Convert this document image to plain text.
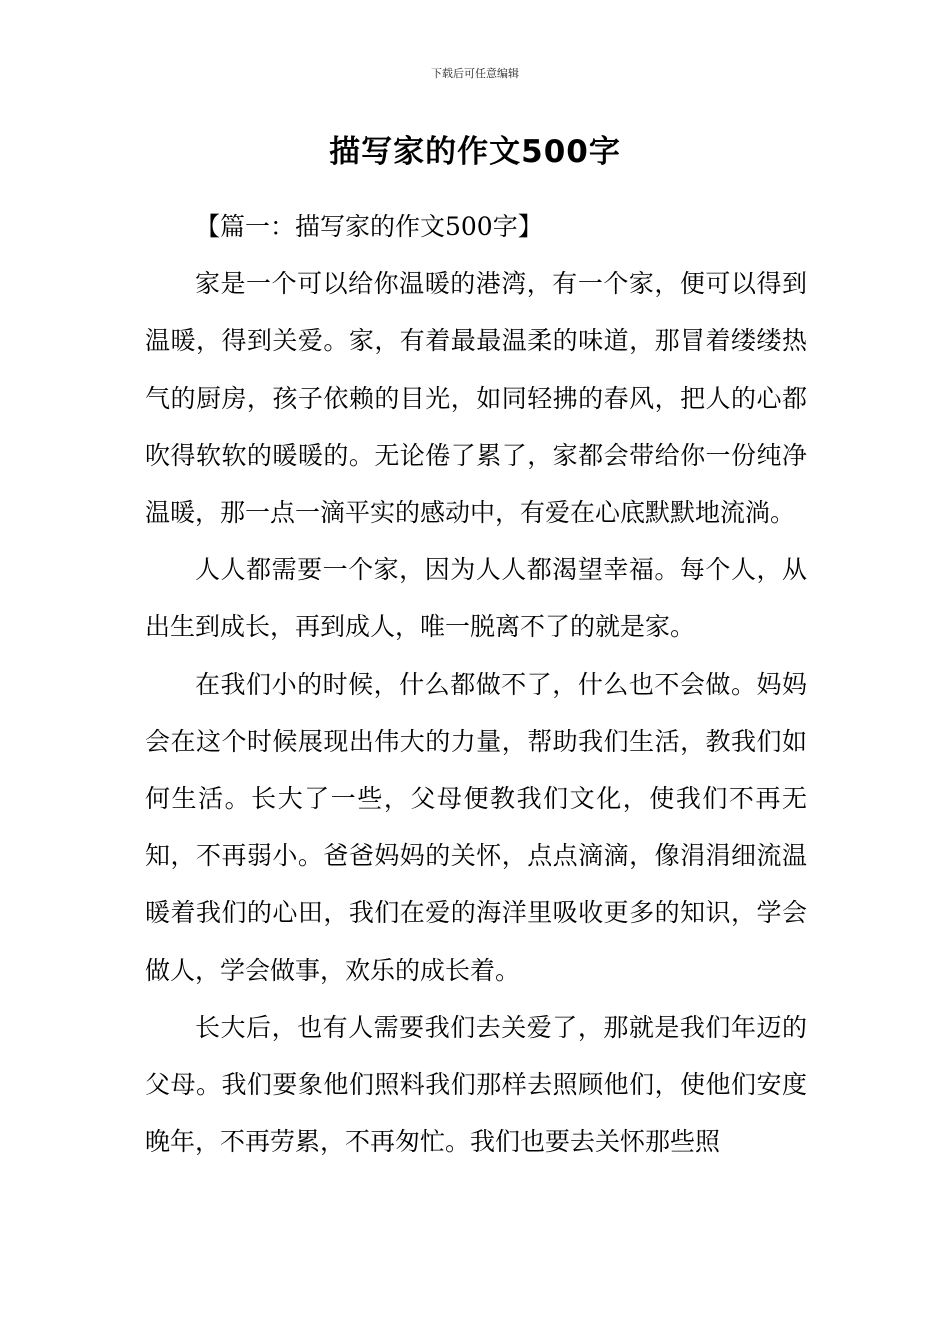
下载后可任意编辑
描写家的作文500字

【篇一：描写家的作文500字】

家是一个可以给你温暖的港湾，有一个家，便可以得到温暖，得到关爱。家，有着最最温柔的味道，那冒着缕缕热气的厨房，孩子依赖的目光，如同轻拂的春风，把人的心都吹得软软的暖暖的。无论倦了累了，家都会带给你一份纯净温暖，那一点一滴平实的感动中，有爱在心底默默地流淌。

人人都需要一个家，因为人人都渴望幸福。每个人，从出生到成长，再到成人，唯一脱离不了的就是家。

在我们小的时候，什么都做不了，什么也不会做。妈妈会在这个时候展现出伟大的力量，帮助我们生活，教我们如何生活。长大了一些，父母便教我们文化，使我们不再无知，不再弱小。爸爸妈妈的关怀，点点滴滴，像涓涓细流温暖着我们的心田，我们在爱的海洋里吸收更多的知识，学会做人，学会做事，欢乐的成长着。

长大后，也有人需要我们去关爱了，那就是我们年迈的父母。我们要象他们照料我们那样去照顾他们，使他们安度晚年，不再劳累，不再匆忙。我们也要去关怀那些照
